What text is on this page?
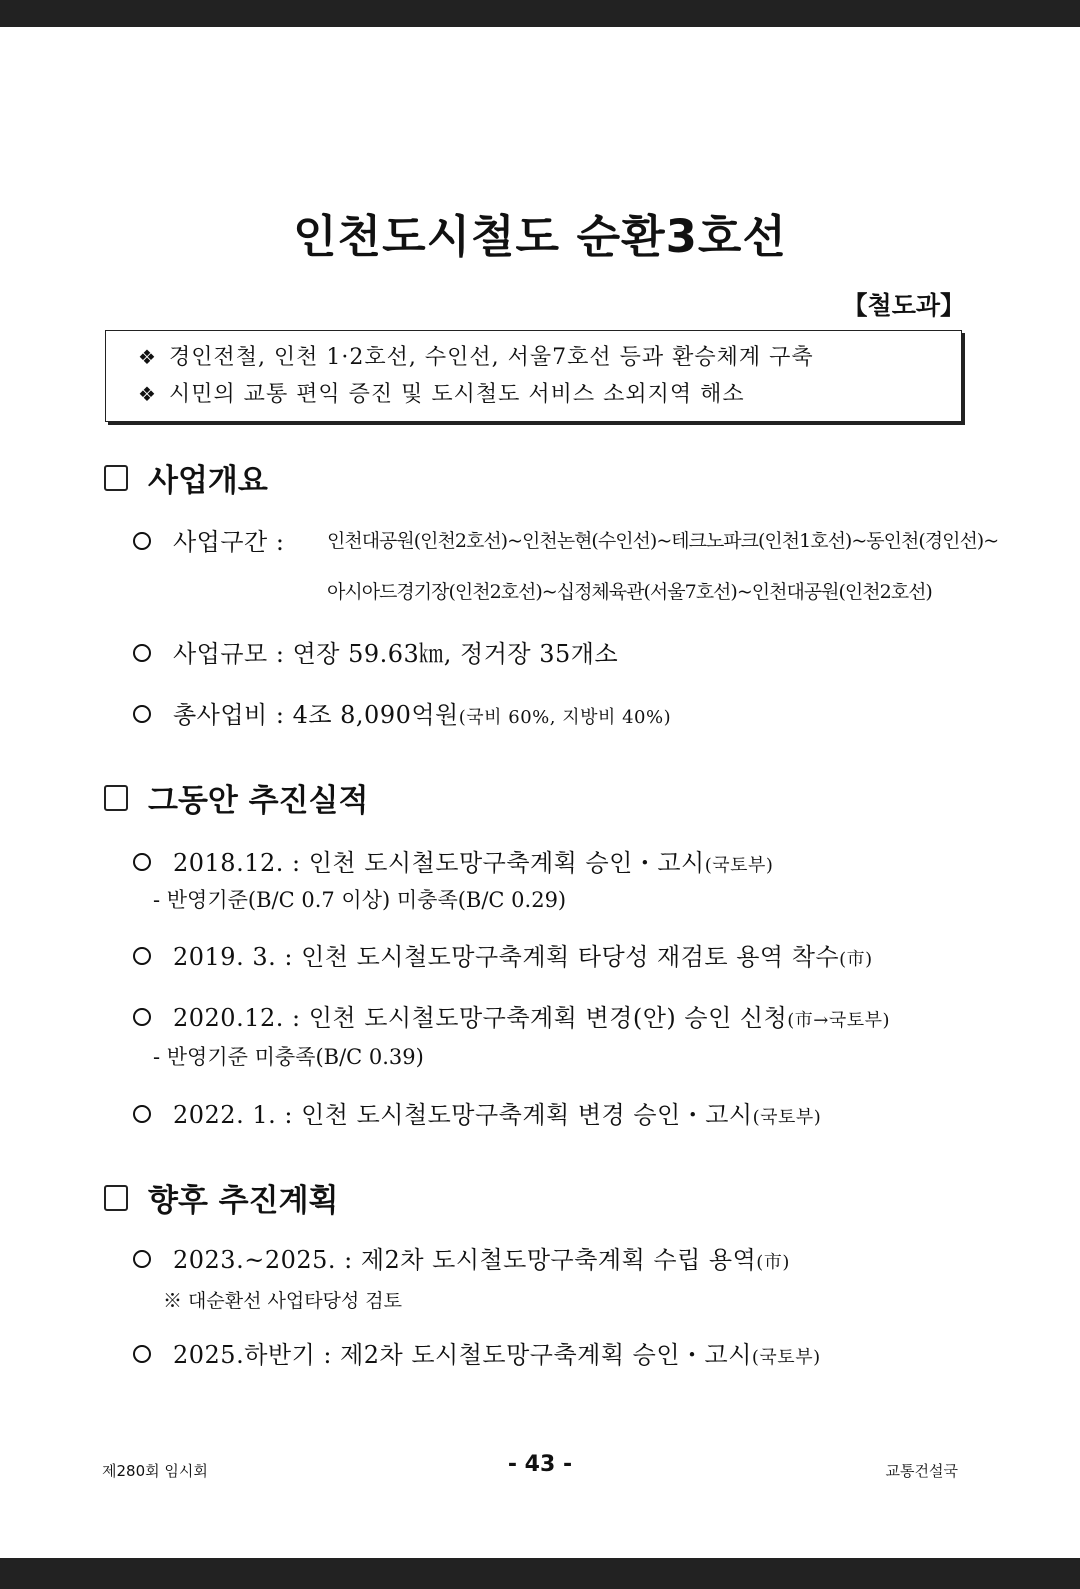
인천도시철도 순환3호선
【철도과】
❖ 경인전철, 인천 1·2호선, 수인선, 서울7호선 등과 환승체계 구축
❖ 시민의 교통 편익 증진 및 도시철도 서비스 소외지역 해소
사업개요
사업구간 : 인천대공원(인천2호선)~인천논현(수인선)~테크노파크(인천1호선)~동인천(경인선)~
아시아드경기장(인천2호선)~십정체육관(서울7호선)~인천대공원(인천2호선)
사업규모 : 연장 59.63㎞, 정거장 35개소
총사업비 : 4조 8,090억원(국비 60%, 지방비 40%)
그동안 추진실적
2018.12. : 인천 도시철도망구축계획 승인・고시(국토부)
- 반영기준(B/C 0.7 이상) 미충족(B/C 0.29)
2019. 3. : 인천 도시철도망구축계획 타당성 재검토 용역 착수(市)
2020.12. : 인천 도시철도망구축계획 변경(안) 승인 신청(市→국토부)
- 반영기준 미충족(B/C 0.39)
2022. 1. : 인천 도시철도망구축계획 변경 승인・고시(국토부)
향후 추진계획
2023.~2025. : 제2차 도시철도망구축계획 수립 용역(市)
※ 대순환선 사업타당성 검토
2025.하반기 : 제2차 도시철도망구축계획 승인・고시(국토부)
제280회 임시회	- 43 -	교통건설국
